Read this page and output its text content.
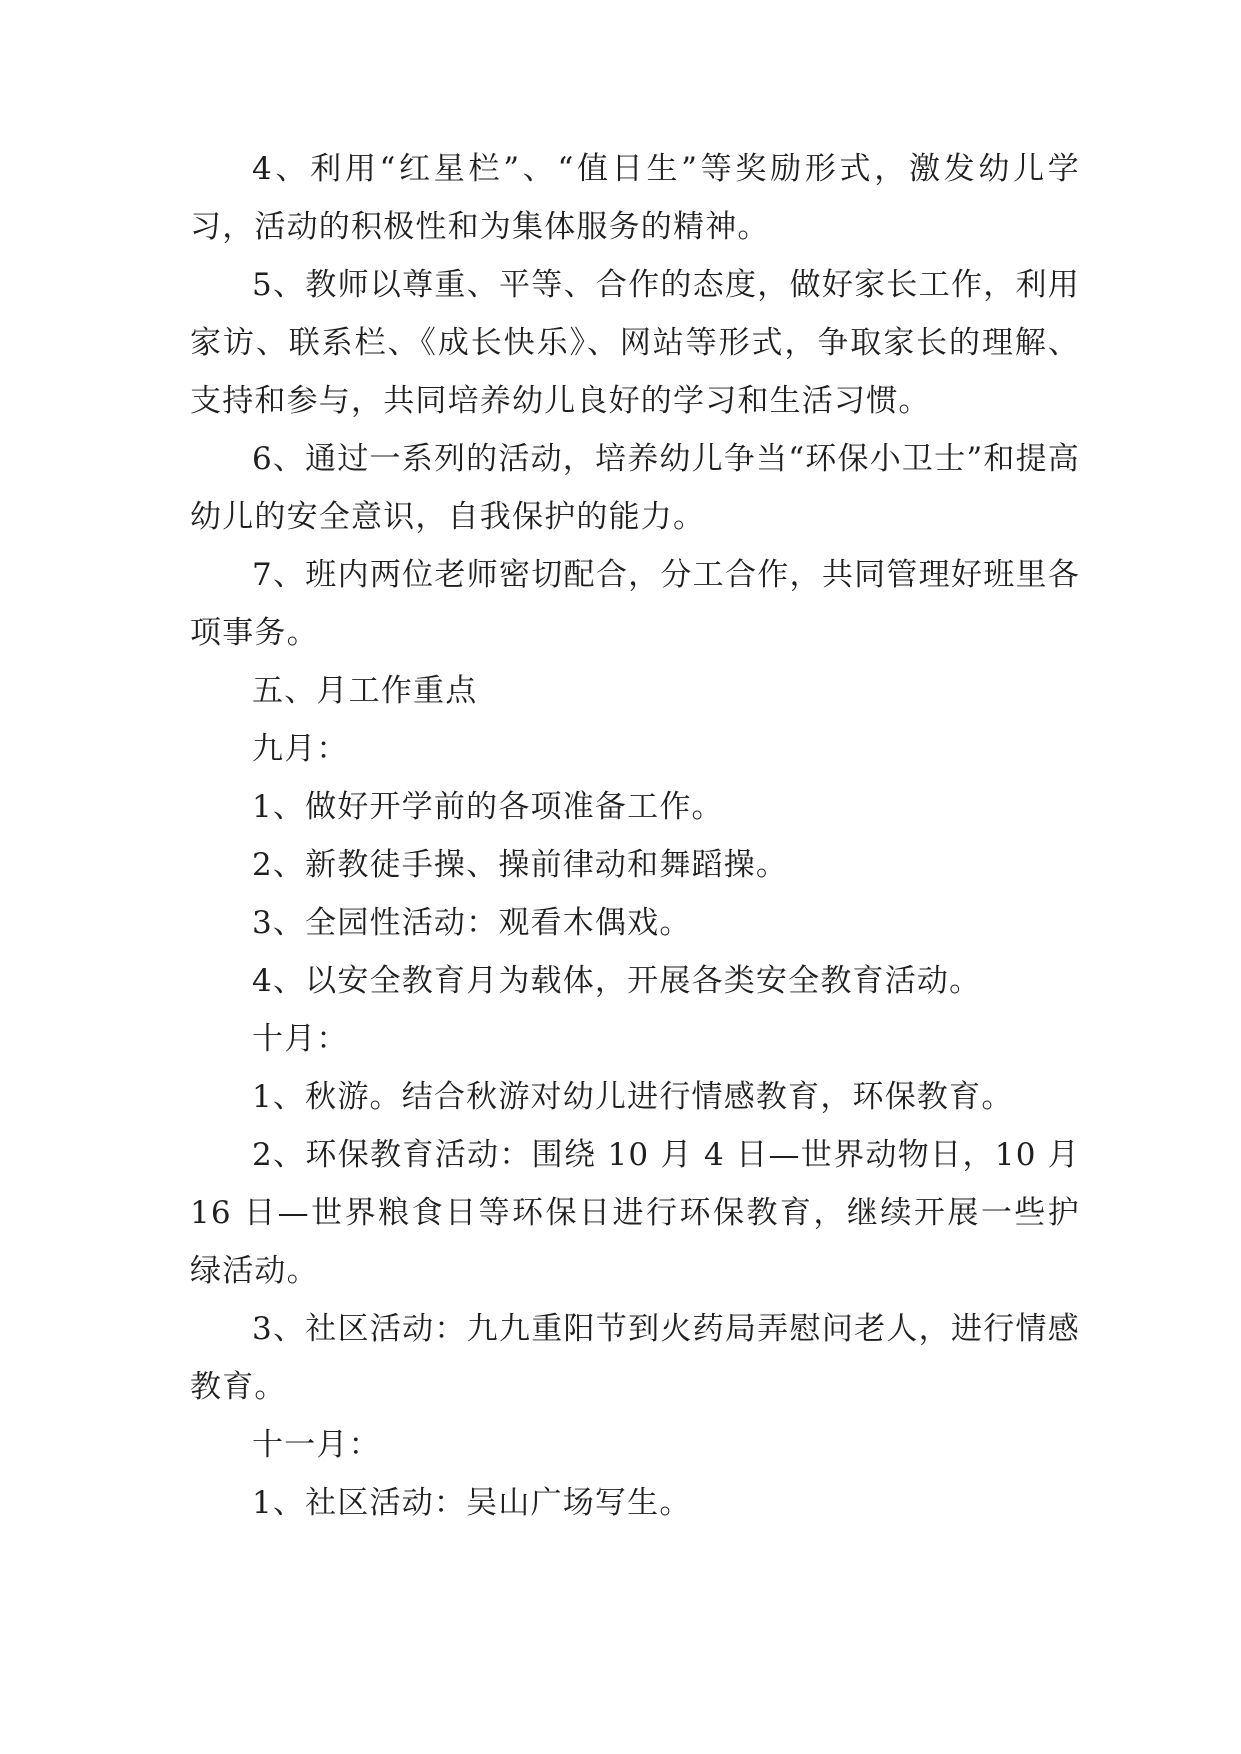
4、利用“红星栏”、“值日生”等奖励形式，激发幼儿学习，活动的积极性和为集体服务的精神。

5、教师以尊重、平等、合作的态度，做好家长工作，利用家访、联系栏、《成长快乐》、网站等形式，争取家长的理解、支持和参与，共同培养幼儿良好的学习和生活习惯。

6、通过一系列的活动，培养幼儿争当“环保小卫士”和提高幼儿的安全意识，自我保护的能力。

7、班内两位老师密切配合，分工合作，共同管理好班里各项事务。

五、月工作重点

九月：

1、做好开学前的各项准备工作。

2、新教徒手操、操前律动和舞蹈操。

3、全园性活动：观看木偶戏。

4、以安全教育月为载体，开展各类安全教育活动。

十月：

1、秋游。结合秋游对幼儿进行情感教育，环保教育。

2、环保教育活动：围绕 10 月 4 日—世界动物日，10 月 16 日—世界粮食日等环保日进行环保教育，继续开展一些护绿活动。

3、社区活动：九九重阳节到火药局弄慰问老人，进行情感教育。

十一月：

1、社区活动：吴山广场写生。
